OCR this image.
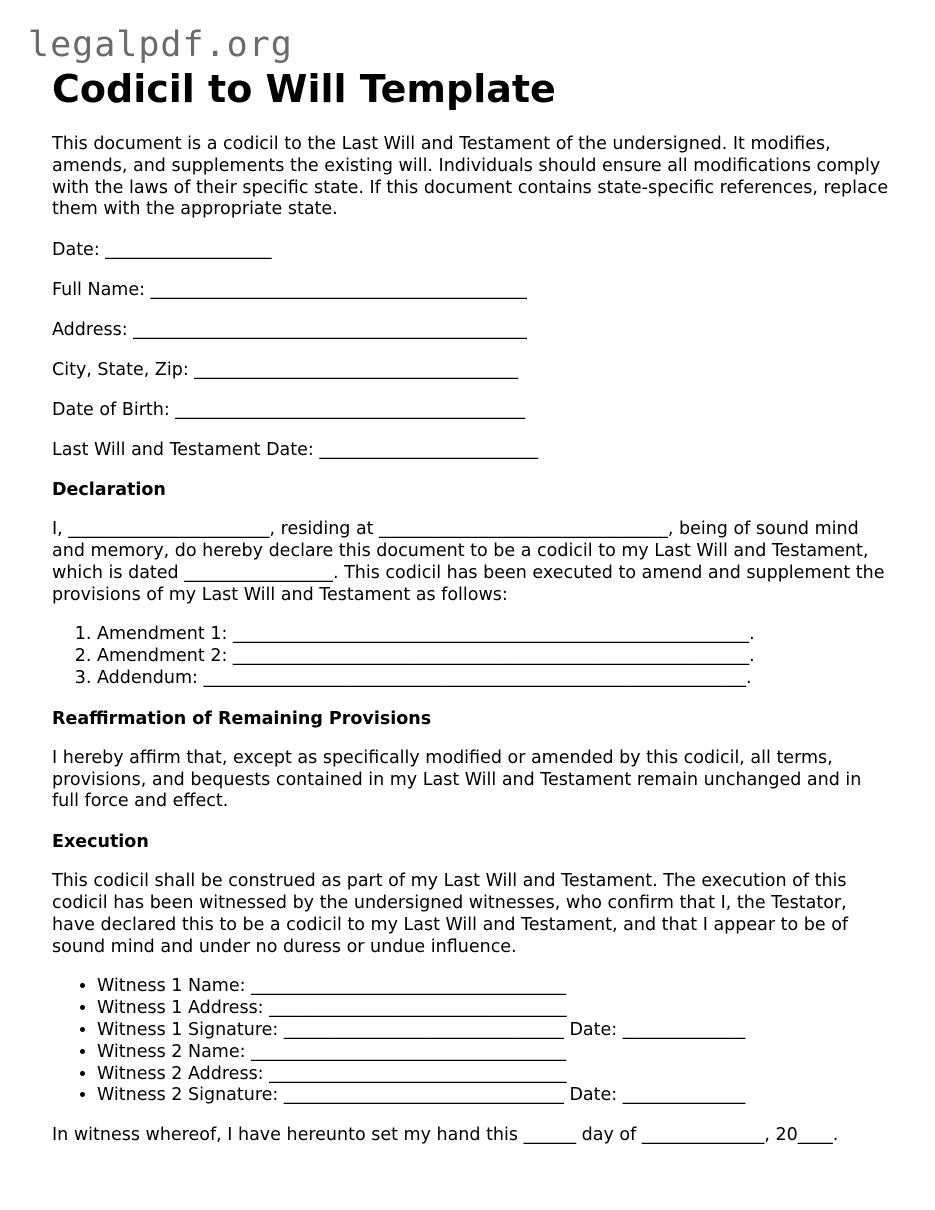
legalpdf.org
Codicil to Will Template

This document is a codicil to the Last Will and Testament of the undersigned. It modifies, amends, and supplements the existing will. Individuals should ensure all modifications comply with the laws of their specific state. If this document contains state-specific references, replace them with the appropriate state.

Date: ___________________
Full Name: ___________________________________________
Address: _____________________________________________
City, State, Zip: _____________________________________
Date of Birth: ________________________________________
Last Will and Testament Date: _________________________
Declaration

I, _______________________, residing at _________________________________, being of sound mind and memory, do hereby declare this document to be a codicil to my Last Will and Testament, which is dated _________________. This codicil has been executed to amend and supplement the provisions of my Last Will and Testament as follows:

1. Amendment 1: ___________________________________________________________.
2. Amendment 2: ___________________________________________________________.
3. Addendum: ______________________________________________________________.
Reaffirmation of Remaining Provisions

I hereby affirm that, except as specifically modified or amended by this codicil, all terms, provisions, and bequests contained in my Last Will and Testament remain unchanged and in full force and effect.

Execution

This codicil shall be construed as part of my Last Will and Testament. The execution of this codicil has been witnessed by the undersigned witnesses, who confirm that I, the Testator, have declared this to be a codicil to my Last Will and Testament, and that I appear to be of sound mind and under no duress or undue influence.

• Witness 1 Name: ____________________________________
• Witness 1 Address: __________________________________
• Witness 1 Signature: ________________________________ Date: ______________
• Witness 2 Name: ____________________________________
• Witness 2 Address: __________________________________
• Witness 2 Signature: ________________________________ Date: ______________

In witness whereof, I have hereunto set my hand this ______ day of ______________, 20____.
